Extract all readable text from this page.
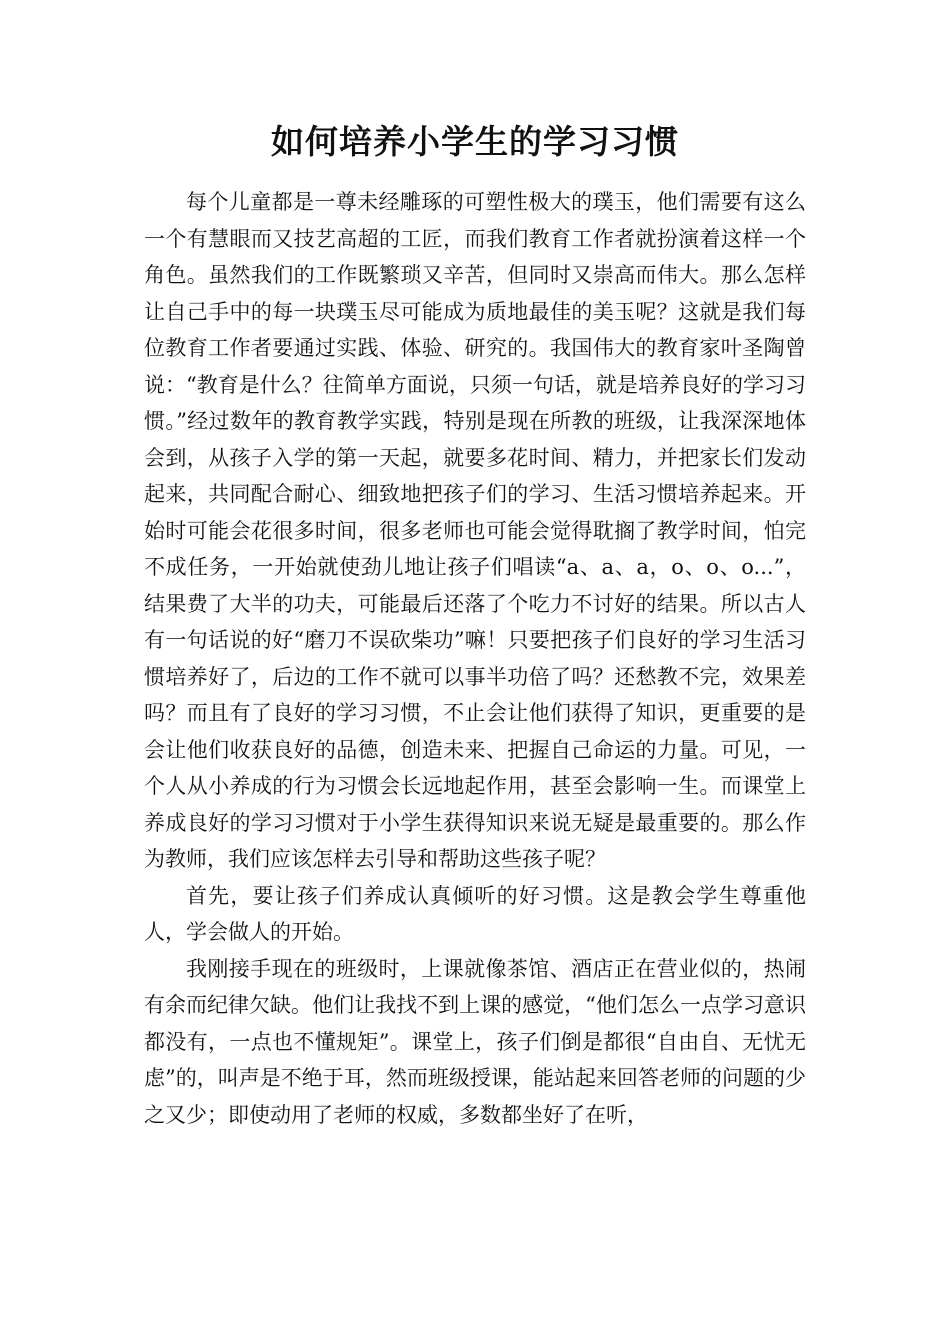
如何培养小学生的学习习惯

每个儿童都是一尊未经雕琢的可塑性极大的璞玉，他们需要有这么一个有慧眼而又技艺高超的工匠，而我们教育工作者就扮演着这样一个角色。虽然我们的工作既繁琐又辛苦，但同时又崇高而伟大。那么怎样让自己手中的每一块璞玉尽可能成为质地最佳的美玉呢？这就是我们每位教育工作者要通过实践、体验、研究的。我国伟大的教育家叶圣陶曾说：“教育是什么？往简单方面说，只须一句话，就是培养良好的学习习惯。”经过数年的教育教学实践，特别是现在所教的班级，让我深深地体会到，从孩子入学的第一天起，就要多花时间、精力，并把家长们发动起来，共同配合耐心、细致地把孩子们的学习、生活习惯培养起来。开始时可能会花很多时间，很多老师也可能会觉得耽搁了教学时间，怕完不成任务，一开始就使劲儿地让孩子们唱读“a、a、a，o、o、o...”，结果费了大半的功夫，可能最后还落了个吃力不讨好的结果。所以古人有一句话说的好“磨刀不误砍柴功”嘛！只要把孩子们良好的学习生活习惯培养好了，后边的工作不就可以事半功倍了吗？还愁教不完，效果差吗？而且有了良好的学习习惯，不止会让他们获得了知识，更重要的是会让他们收获良好的品德，创造未来、把握自己命运的力量。可见，一个人从小养成的行为习惯会长远地起作用，甚至会影响一生。而课堂上养成良好的学习习惯对于小学生获得知识来说无疑是最重要的。那么作为教师，我们应该怎样去引导和帮助这些孩子呢？

首先，要让孩子们养成认真倾听的好习惯。这是教会学生尊重他人，学会做人的开始。

我刚接手现在的班级时，上课就像茶馆、酒店正在营业似的，热闹有余而纪律欠缺。他们让我找不到上课的感觉，“他们怎么一点学习意识都没有，一点也不懂规矩”。课堂上，孩子们倒是都很“自由自、无忧无虑”的，叫声是不绝于耳，然而班级授课，能站起来回答老师的问题的少之又少；即使动用了老师的权威，多数都坐好了在听，
